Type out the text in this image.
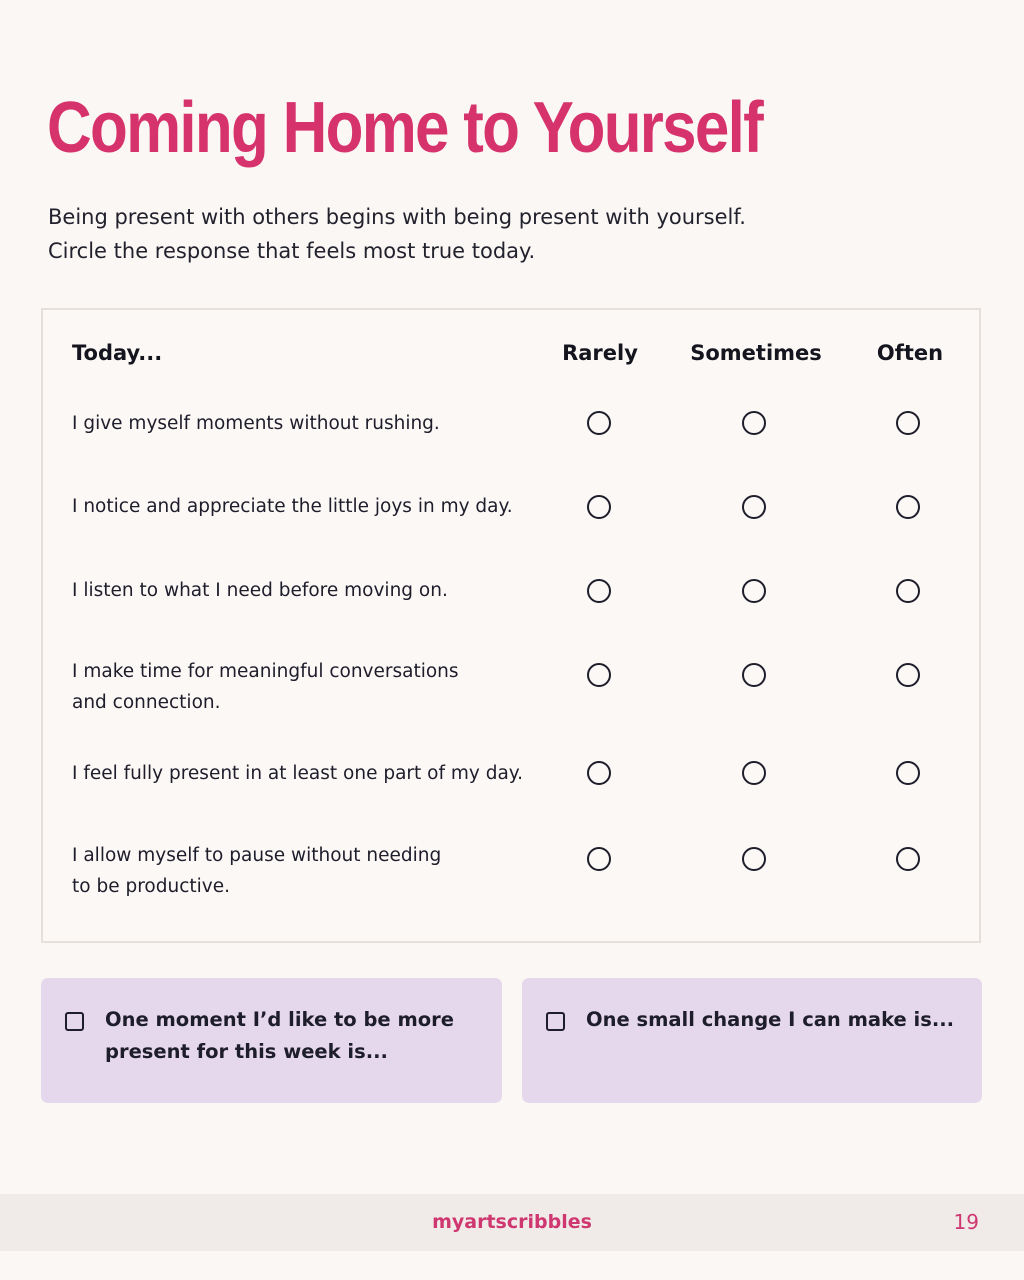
Coming Home to Yourself
Being present with others begins with being present with yourself.
Circle the response that feels most true today.
Today...	Rarely Sometimes	Often
I give myself moments without rushing.
I notice and appreciate the little joys in my day.
I listen to what I need before moving on.
I make time for meaningful conversations
and connection.
I feel fully present in at least one part of my day.
I allow myself to pause without needing
to be productive.
One moment I’d like to be more
present for this week is...
One small change I can make is...
myartscribbles	19
